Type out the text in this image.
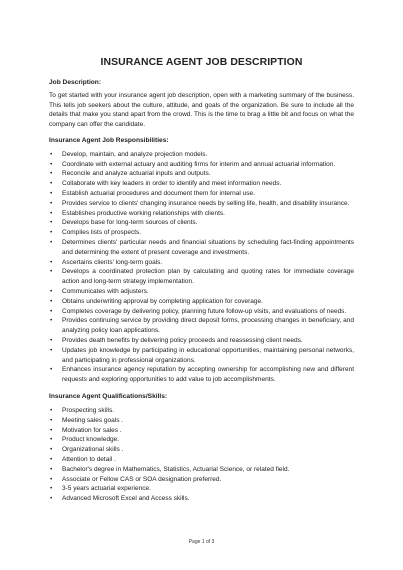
INSURANCE AGENT JOB DESCRIPTION
Job Description:
To get started with your insurance agent job description, open with a marketing summary of the business. This tells job seekers about the culture, attitude, and goals of the organization. Be sure to include all the details that make you stand apart from the crowd. This is the time to brag a little bit and focus on what the company can offer the candidate.
Insurance Agent Job Responsibilities:
• Develop, maintain, and analyze projection models.
• Coordinate with external actuary and auditing firms for interim and annual actuarial information.
• Reconcile and analyze actuarial inputs and outputs.
• Collaborate with key leaders in order to identify and meet information needs.
• Establish actuarial procedures and document them for internal use.
• Provides service to clients' changing insurance needs by selling life, health, and disability insurance.
• Establishes productive working relationships with clients.
• Develops base for long-term sources of clients.
• Compiles lists of prospects.
• Determines clients' particular needs and financial situations by scheduling fact-finding appointments and determining the extent of present coverage and investments.
• Ascertains clients' long-term goals.
• Develops a coordinated protection plan by calculating and quoting rates for immediate coverage action and long-term strategy implementation.
• Communicates with adjusters.
• Obtains underwriting approval by completing application for coverage.
• Completes coverage by delivering policy, planning future follow-up visits, and evaluations of needs.
• Provides continuing service by providing direct deposit forms, processing changes in beneficiary, and analyzing policy loan applications.
• Provides death benefits by delivering policy proceeds and reassessing client needs.
• Updates job knowledge by participating in educational opportunities, maintaining personal networks, and participating in professional organizations.
• Enhances insurance agency reputation by accepting ownership for accomplishing new and different requests and exploring opportunities to add value to job accomplishments.
Insurance Agent Qualifications/Skills:
• Prospecting skills.
• Meeting sales goals .
• Motivation for sales .
• Product knowledge.
• Organizational skills .
• Attention to detail .
• Bachelor's degree in Mathematics, Statistics, Actuarial Science, or related field.
• Associate or Fellow CAS or SOA designation preferred.
• 3-5 years actuarial experience.
• Advanced Microsoft Excel and Access skills.
Page 1 of 3
